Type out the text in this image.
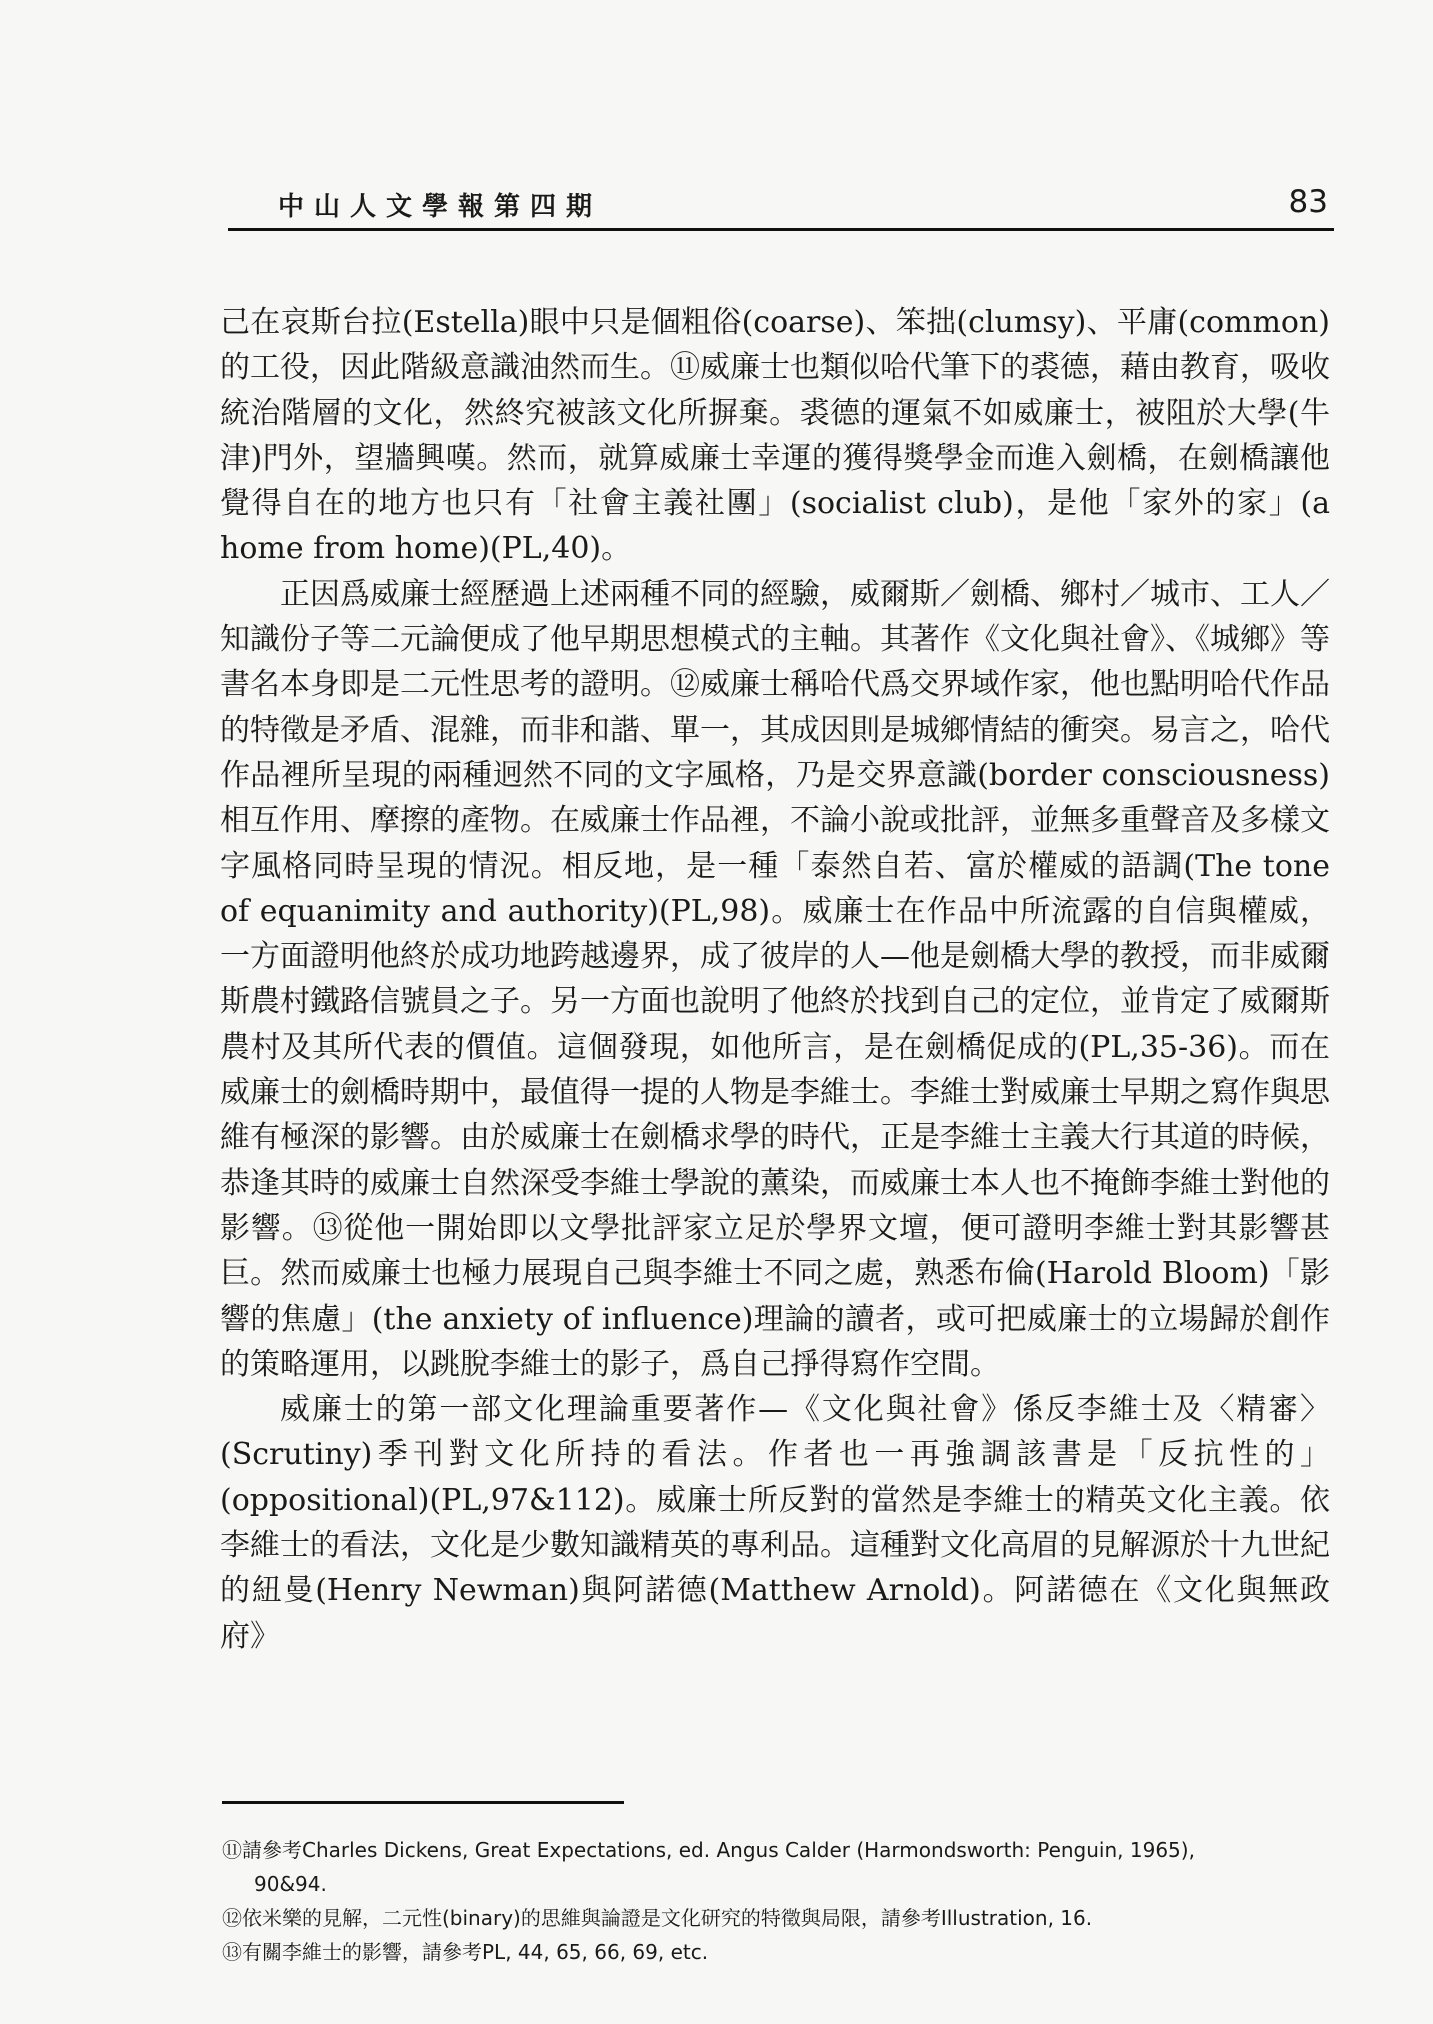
中山人文學報第四期	83

己在哀斯台拉(Estella)眼中只是個粗俗(coarse)、笨拙(clumsy)、平庸(common)的工役，因此階級意識油然而生。⑪威廉士也類似哈代筆下的裘德，藉由教育，吸收統治階層的文化，然終究被該文化所摒棄。裘德的運氣不如威廉士，被阻於大學(牛津)門外，望牆興嘆。然而，就算威廉士幸運的獲得獎學金而進入劍橋，在劍橋讓他覺得自在的地方也只有「社會主義社團」(socialist club)，是他「家外的家」(a home from home)(PL,40)。

正因爲威廉士經歷過上述兩種不同的經驗，威爾斯／劍橋、鄉村／城市、工人／知識份子等二元論便成了他早期思想模式的主軸。其著作《文化與社會》、《城鄉》等書名本身即是二元性思考的證明。⑫威廉士稱哈代爲交界域作家，他也點明哈代作品的特徵是矛盾、混雜，而非和諧、單一，其成因則是城鄉情結的衝突。易言之，哈代作品裡所呈現的兩種迥然不同的文字風格，乃是交界意識(border consciousness)相互作用、摩擦的產物。在威廉士作品裡，不論小說或批評，並無多重聲音及多樣文字風格同時呈現的情況。相反地，是一種「泰然自若、富於權威的語調(The tone of equanimity and authority)(PL,98)。威廉士在作品中所流露的自信與權威，一方面證明他終於成功地跨越邊界，成了彼岸的人—他是劍橋大學的教授，而非威爾斯農村鐵路信號員之子。另一方面也說明了他終於找到自己的定位，並肯定了威爾斯農村及其所代表的價值。這個發現，如他所言，是在劍橋促成的(PL,35-36)。而在威廉士的劍橋時期中，最值得一提的人物是李維士。李維士對威廉士早期之寫作與思維有極深的影響。由於威廉士在劍橋求學的時代，正是李維士主義大行其道的時候，恭逢其時的威廉士自然深受李維士學說的薰染，而威廉士本人也不掩飾李維士對他的影響。⑬從他一開始即以文學批評家立足於學界文壇，便可證明李維士對其影響甚巨。然而威廉士也極力展現自己與李維士不同之處，熟悉布倫(Harold Bloom)「影響的焦慮」(the anxiety of influence)理論的讀者，或可把威廉士的立場歸於創作的策略運用，以跳脫李維士的影子，爲自己掙得寫作空間。

威廉士的第一部文化理論重要著作—《文化與社會》係反李維士及〈精審〉(Scrutiny)季刊對文化所持的看法。作者也一再強調該書是「反抗性的」(oppositional)(PL,97&112)。威廉士所反對的當然是李維士的精英文化主義。依李維士的看法，文化是少數知識精英的專利品。這種對文化高眉的見解源於十九世紀的紐曼(Henry Newman)與阿諾德(Matthew Arnold)。阿諾德在《文化與無政府》

⑪請參考Charles Dickens, Great Expectations, ed. Angus Calder (Harmondsworth: Penguin, 1965),

90&94.

⑫依米樂的見解，二元性(binary)的思維與論證是文化研究的特徵與局限，請參考Illustration, 16.

⑬有關李維士的影響，請參考PL, 44, 65, 66, 69, etc.
